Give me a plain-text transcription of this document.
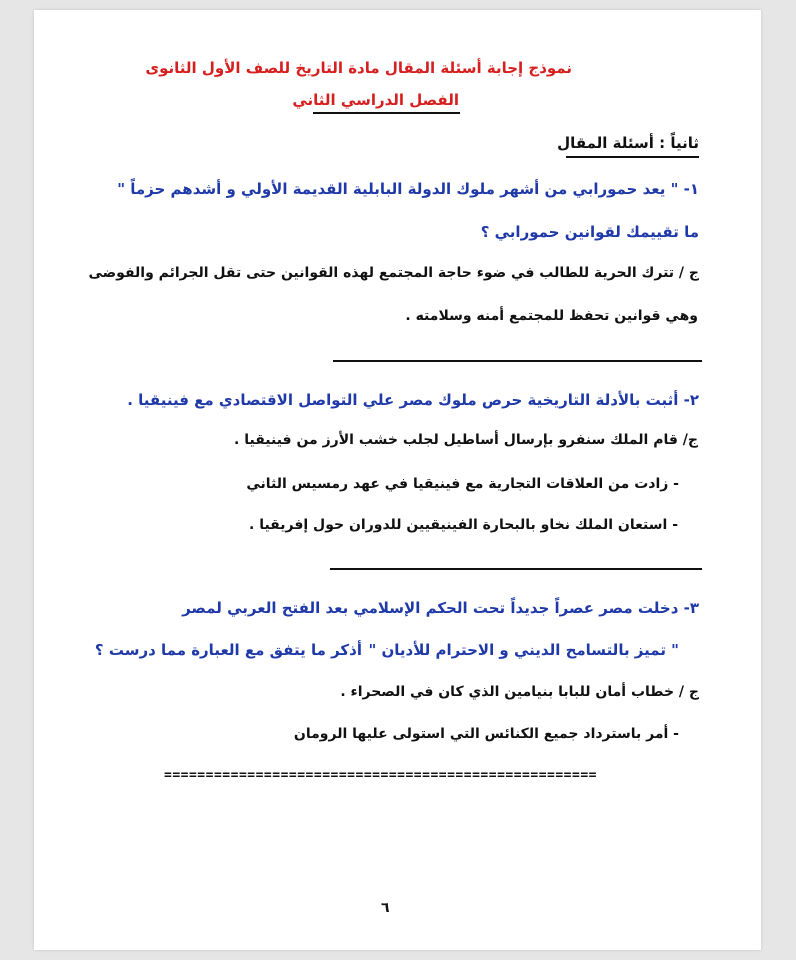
نموذج إجابة أسئلة المقال مادة التاريخ للصف الأول الثانوى
الفصل الدراسي الثاني
ثانياً : أسئلة المقال
١- " يعد حمورابي من أشهر ملوك الدولة البابلية القديمة الأولي و أشدهم حزماً "
ما تقييمك لقوانين حمورابي ؟
ج / تترك الحرية للطالب في ضوء حاجة المجتمع لهذه القوانين حتى تقل الجرائم والفوضى
وهي قوانين تحفظ للمجتمع أمنه وسلامته .
٢- أثبت بالأدلة التاريخية حرص ملوك مصر علي التواصل الاقتصادي مع فينيقيا .
ج/ قام الملك سنفرو بإرسال أساطيل لجلب خشب الأرز من فينيقيا .
- زادت من العلاقات التجارية مع فينيقيا في عهد رمسيس الثاني
- استعان الملك نخاو بالبحارة الفينيقيين للدوران حول إفريقيا .
٣- دخلت مصر عصراً جديداً تحت الحكم الإسلامي بعد الفتح العربي لمصر
" تميز بالتسامح الديني و الاحترام للأديان "
أذكر ما يتفق مع العبارة مما درست ؟
ج / خطاب أمان للبابا بنيامين الذي كان في الصحراء .
- أمر باسترداد جميع الكنائس التي استولى عليها الرومان
====================================================
٦
